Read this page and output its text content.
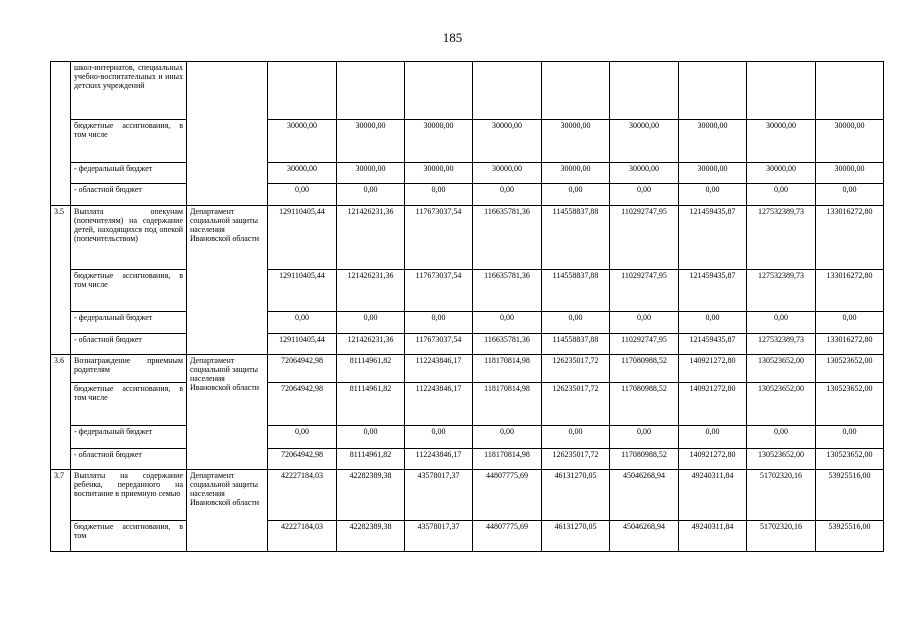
185
	школ-интернатов, специальных учебно-воспитательных и иных детских учреждений										
	бюджетные ассигнования, в том числе		30000,00	30000,00	30000,00	30000,00	30000,00	30000,00	30000,00	30000,00	30000,00
	- федеральный бюджет		30000,00	30000,00	30000,00	30000,00	30000,00	30000,00	30000,00	30000,00	30000,00
	- областной бюджет		0,00	0,00	0,00	0,00	0,00	0,00	0,00	0,00	0,00
3.5	Выплата опекунам (попечителям) на содержание детей, находящихся под опекой (попечительством)	Департамент социальной защиты населения Ивановской области	129110405,44	121426231,36	117673037,54	116635781,36	114558837,88	110292747,95	121459435,87	127532389,73	133016272,80
	бюджетные ассигнования, в том числе		129110405,44	121426231,36	117673037,54	116635781,36	114558837,88	110292747,95	121459435,87	127532389,73	133016272,80
	- федеральный бюджет		0,00	0,00	0,00	0,00	0,00	0,00	0,00	0,00	0,00
	- областной бюджет		129110405,44	121426231,36	117673037,54	116635781,36	114558837,88	110292747,95	121459435,87	127532389,73	133016272,80
3.6	Вознаграждение приемным родителям	Департамент социальной защиты населения Ивановской области	72064942,98	81114961,82	112243846,17	118170814,98	126235017,72	117080988,52	140921272,80	130523652,00	130523652,00
	бюджетные ассигнования, в том числе		72064942,98	81114961,82	112243846,17	118170814,98	126235017,72	117080988,52	140921272,80	130523652,00	130523652,00
	- федеральный бюджет		0,00	0,00	0,00	0,00	0,00	0,00	0,00	0,00	0,00
	- областной бюджет		72064942,98	81114961,82	112243846,17	118170814,98	126235017,72	117080988,52	140921272,80	130523652,00	130523652,00
3.7	Выплаты на содержание ребенка, переданного на воспитание в приемную семью	Департамент социальной защиты населения Ивановской области	42227184,03	42282389,38	43578017,37	44807775,69	46131270,05	45046268,94	49240311,84	51702320,16	53925516,00
	бюджетные ассигнования, в том		42227184,03	42282389,38	43578017,37	44807775,69	46131270,05	45046268,94	49240311,84	51702320,16	53925516,00
